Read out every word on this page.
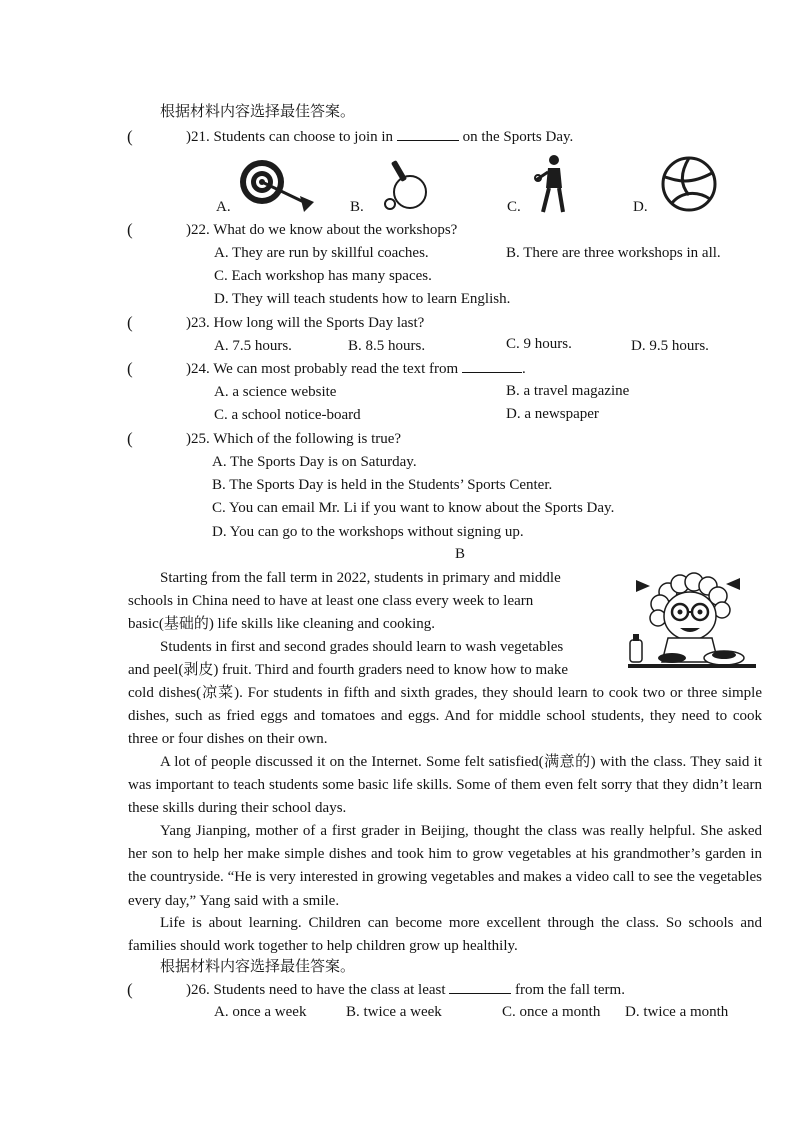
根据材料内容选择最佳答案。
(	)21. Students can choose to join in	on the Sports Day.
A.	B.	C.	D.
(	)22. What do we know about the workshops?
A. They are run by skillful coaches.	B. There are three workshops in all.
C. Each workshop has many spaces.
D. They will teach students how to learn English.
(	)23. How long will the Sports Day last?
A. 7.5 hours.	B. 8.5 hours.	C. 9 hours.	D. 9.5 hours.
(	)24. We can most probably read the text from	.
A. a science website	B. a travel magazine
C. a school notice-board	D. a newspaper
(	)25. Which of the following is true?
A. The Sports Day is on Saturday.
B. The Sports Day is held in the Students’ Sports Center.
C. You can email Mr. Li if you want to know about the Sports Day.
D. You can go to the workshops without signing up.
B
Starting from the fall term in 2022, students in primary and middle
schools in China need to have at least one class every week to learn
basic(基础的) life skills like cleaning and cooking.
Students in first and second grades should learn to wash vegetables
and peel(剥皮) fruit. Third and fourth graders need to know how to make
cold dishes(凉菜). For students in fifth and sixth grades, they should learn to cook two or three simple dishes, such as fried eggs and tomatoes and eggs. And for middle school students, they need to cook three or four dishes on their own.
A lot of people discussed it on the Internet. Some felt satisfied(满意的) with the class. They said it was important to teach students some basic life skills. Some of them even felt sorry that they didn’t learn these skills during their school days.
Yang Jianping, mother of a first grader in Beijing, thought the class was really helpful. She asked her son to help her make simple dishes and took him to grow vegetables at his grandmother’s garden in the countryside. “He is very interested in growing vegetables and makes a video call to see the vegetables every day,” Yang said with a smile.
Life is about learning. Children can become more excellent through the class. So schools and families should work together to help children grow up healthily.
根据材料内容选择最佳答案。
(	)26. Students need to have the class at least	from the fall term.
A. once a week	B. twice a week	C. once a month D. twice a month
